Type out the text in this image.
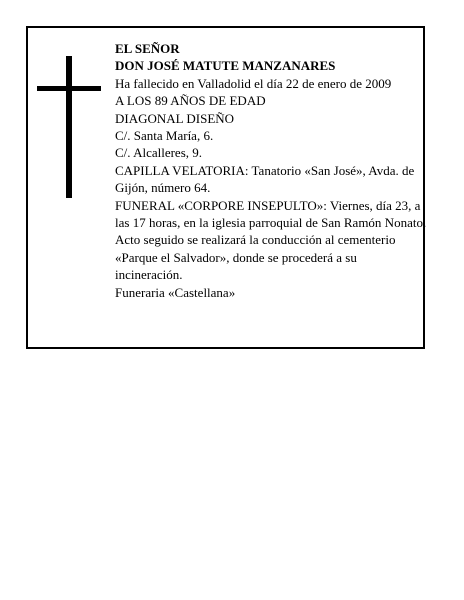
EL SEÑOR
DON JOSÉ MATUTE MANZANARES
Ha fallecido en Valladolid el día 22 de enero de 2009
A LOS 89 AÑOS DE EDAD
DIAGONAL DISEÑO
C/. Santa María, 6.
C/. Alcalleres, 9.
CAPILLA VELATORIA: Tanatorio «San José», Avda. de Gijón, número 64.
FUNERAL «CORPORE INSEPULTO»: Viernes, día 23, a las 17 horas, en la iglesia parroquial de San Ramón Nonato. Acto seguido se realizará la conducción al cementerio «Parque el Salvador», donde se procederá a su incineración.
Funeraria «Castellana»
